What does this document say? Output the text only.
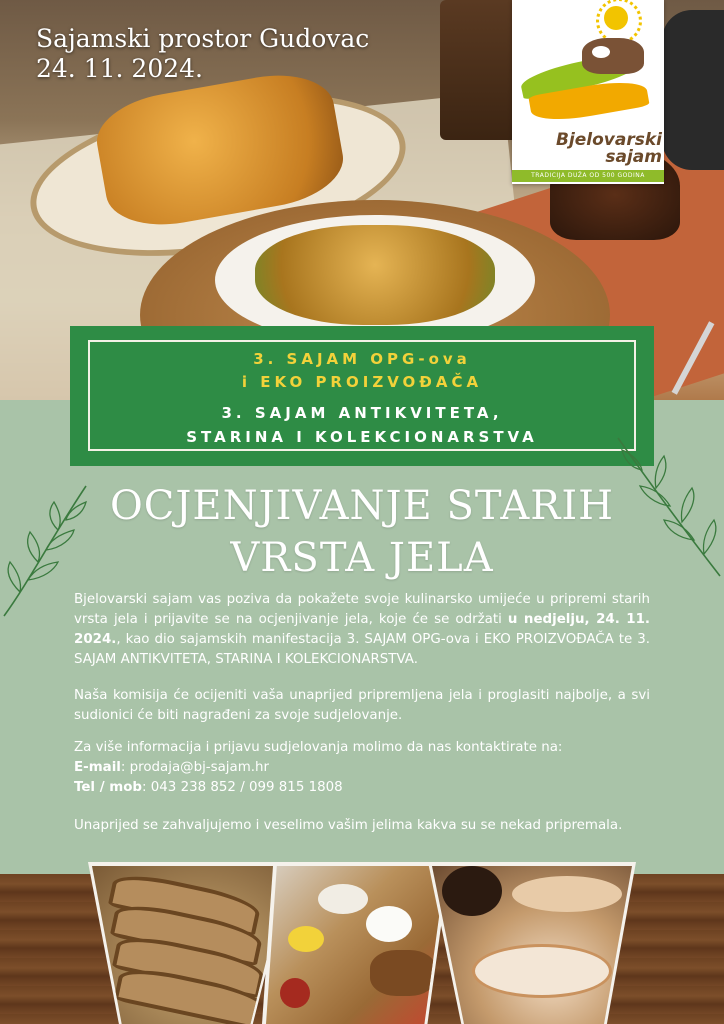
Sajamski prostor Gudovac
24. 11. 2024.
Bjelovarski sajam
TRADICIJA DUŽA OD 500 GODINA
3. SAJAM OPG-ova
i EKO PROIZVOĐAČA
3. SAJAM ANTIKVITETA,
STARINA I KOLEKCIONARSTVA
OCJENJIVANJE STARIH
VRSTA JELA
Bjelovarski sajam vas poziva da pokažete svoje kulinarsko umijeće u pripremi starih vrsta jela i prijavite se na ocjenjivanje jela, koje će se održati u nedjelju, 24. 11. 2024., kao dio sajamskih manifestacija 3. SAJAM OPG-ova i EKO PROIZVOĐAČA te 3. SAJAM ANTIKVITETA, STARINA I KOLEKCIONARSTVA.
Naša komisija će ocijeniti vaša unaprijed pripremljena jela i proglasiti najbolje, a svi sudionici će biti nagrađeni za svoje sudjelovanje.
Za više informacija i prijavu sudjelovanja molimo da nas kontaktirate na:
E-mail: prodaja@bj-sajam.hr
Tel / mob: 043 238 852 / 099 815 1808
Unaprijed se zahvaljujemo i veselimo vašim jelima kakva su se nekad pripremala.
